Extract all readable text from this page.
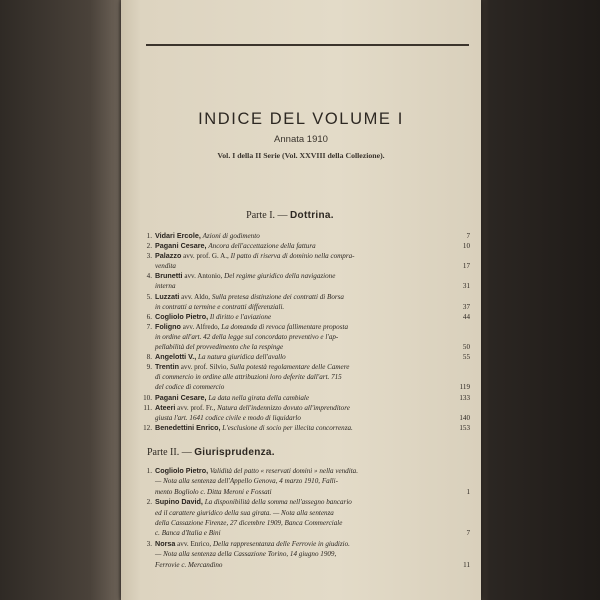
INDICE DEL VOLUME I
Annata 1910
Vol. I della II Serie (Vol. XXVIII della Collezione).
Parte I. — Dottrina.
1. Vidari Ercole, Azioni di godimento	7
2. Pagani Cesare, Ancora dell'accettazione della fattura	10
3. Palazzo avv. prof. G. A., Il patto di riserva di dominio nella compra-
vendita	17
4. Brunetti avv. Antonio, Del regime giuridico della navigazione
interna	31
5. Luzzati avv. Aldo, Sulla pretesa distinzione dei contratti di Borsa
in contratti a termine e contratti differenziali.	37
6. Cogliolo Pietro, Il diritto e l'aviazione	44
7. Foligno avv. Alfredo, La domanda di revoca fallimentare proposta
in ordine all'art. 42 della legge sul concordato preventivo e l'ap-
pellabilità del provvedimento che la respinge	50
8. Angelotti V., La natura giuridica dell'avallo	55
9. Trentin avv. prof. Silvio, Sulla potestà regolamentare delle Camere
di commercio in ordine alle attribuzioni loro deferite dall'art. 715
del codice di commercio	119
10. Pagani Cesare, La data nella girata della cambiale	133
11. Ateeri avv. prof. Fr., Natura dell'indennizzo dovuto all'imprenditore
giusta l'art. 1641 codice civile e modo di liquidarlo	140
12. Benedettini Enrico, L'esclusione di socio per illecita concorrenza.	153
Parte II. — Giurisprudenza.
1. Cogliolo Pietro, Validità del patto « reservati domini » nella vendita.
— Nota alla sentenza dell'Appello Genova, 4 marzo 1910, Falli-
mento Bogliolo c. Ditta Meroni e Fossati	1
2. Supino David, La disponibilità della somma nell'assegno bancario
ed il carattere giuridico della sua girata. — Nota alla sentenza
della Cassazione Firenze, 27 dicembre 1909, Banca Commerciale
c. Banca d'Italia e Bini	7
3. Norsa avv. Enrico, Della rappresentanza delle Ferrovie in giudizio.
— Nota alla sentenza della Cassazione Torino, 14 giugno 1909,
Ferrovie c. Mercandino	11
